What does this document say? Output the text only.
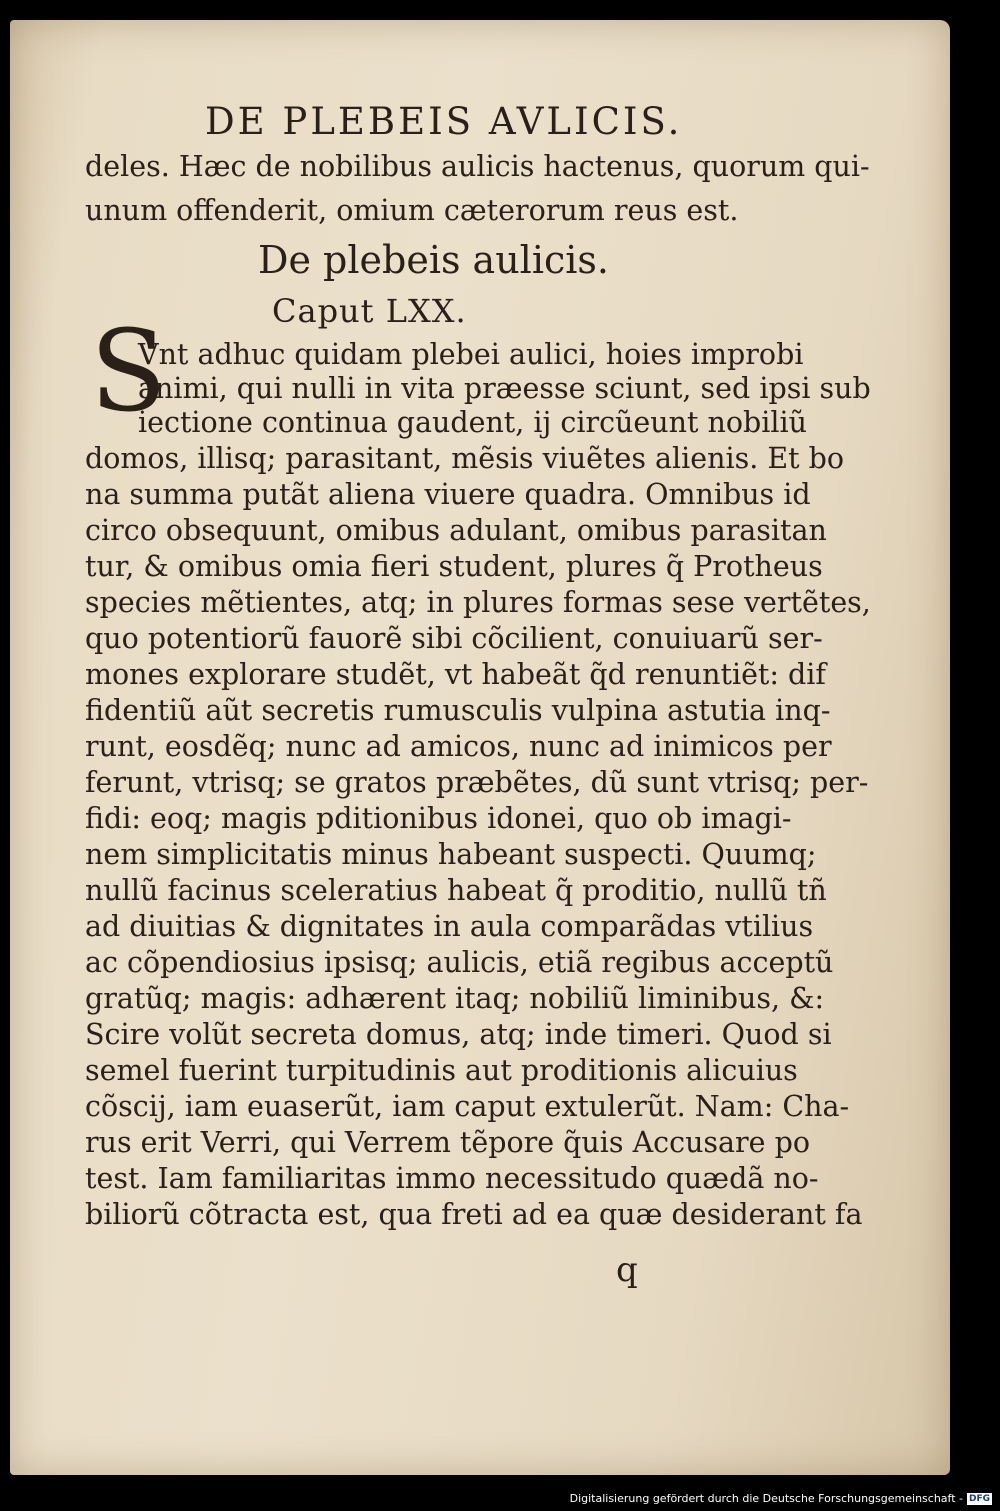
DE PLEBEIS AVLICIS.
deles. Hæc de nobilibus aulicis hactenus, quorum qui-
unum offenderit, omium cæterorum reus est.
De plebeis aulicis.
Caput LXX.
S
Vnt adhuc quidam plebei aulici, hoies improbi
animi, qui nulli in vita præesse sciunt, sed ipsi sub
iectione continua gaudent, ij circũeunt nobiliũ
domos, illisq; parasitant, mẽsis viuẽtes alienis. Et bo
na summa putãt aliena viuere quadra. Omnibus id
circo obsequunt, omibus adulant, omibus parasitan
tur, & omibus omia fieri student, plures q̃ Protheus
species mẽtientes, atq; in plures formas sese vertẽtes,
quo potentiorũ fauorẽ sibi cõcilient, conuiuarũ ser-
mones explorare studẽt, vt habeãt q̃d renuntiẽt: dif
fidentiũ aũt secretis rumusculis vulpina astutia inq-
runt, eosdẽq; nunc ad amicos, nunc ad inimicos per
ferunt, vtrisq; se gratos præbẽtes, dũ sunt vtrisq; per-
fidi: eoq; magis pditionibus idonei, quo ob imagi-
nem simplicitatis minus habeant suspecti. Quumq;
nullũ facinus sceleratius habeat q̃ proditio, nullũ tñ
ad diuitias & dignitates in aula comparãdas vtilius
ac cõpendiosius ipsisq; aulicis, etiã regibus acceptũ
gratũq; magis: adhærent itaq; nobiliũ liminibus, &:
Scire volũt secreta domus, atq; inde timeri. Quod si
semel fuerint turpitudinis aut proditionis alicuius
cõscij, iam euaserũt, iam caput extulerũt. Nam: Cha-
rus erit Verri, qui Verrem tẽpore q̃uis Accusare po
test. Iam familiaritas immo necessitudo quædã no-
biliorũ cõtracta est, qua freti ad ea quæ desiderant fa
q
Digitalisierung gefördert durch die Deutsche Forschungsgemeinschaft - DFG
